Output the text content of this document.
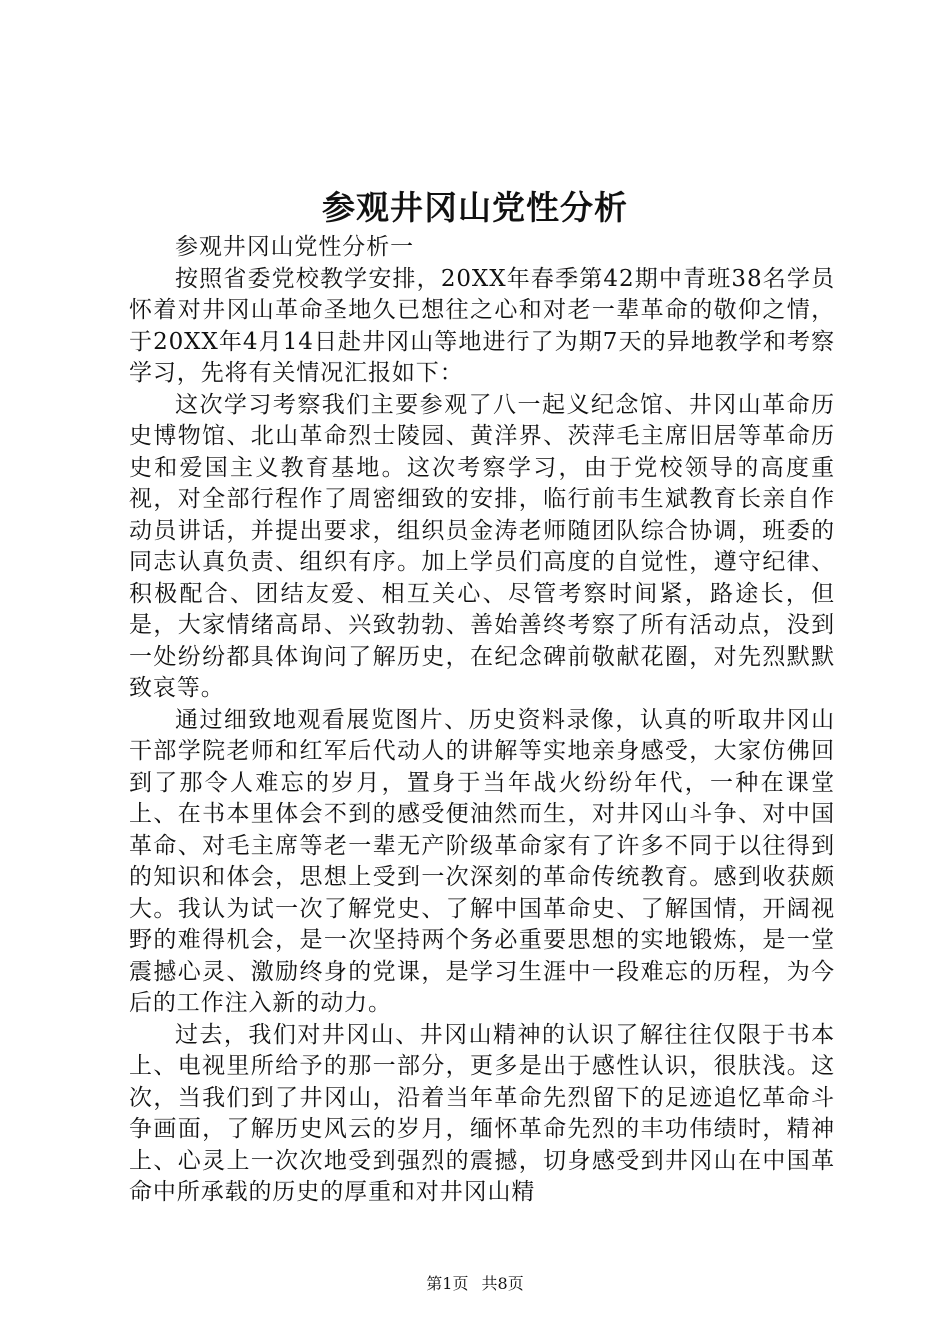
参观井冈山党性分析

参观井冈山党性分析一

按照省委党校教学安排，20XX年春季第42期中青班38名学员怀着对井冈山革命圣地久已想往之心和对老一辈革命的敬仰之情，于20XX年4月14日赴井冈山等地进行了为期7天的异地教学和考察学习，先将有关情况汇报如下：

这次学习考察我们主要参观了八一起义纪念馆、井冈山革命历史博物馆、北山革命烈士陵园、黄洋界、茨萍毛主席旧居等革命历史和爱国主义教育基地。这次考察学习，由于党校领导的高度重视，对全部行程作了周密细致的安排，临行前韦生斌教育长亲自作动员讲话，并提出要求，组织员金涛老师随团队综合协调，班委的同志认真负责、组织有序。加上学员们高度的自觉性，遵守纪律、积极配合、团结友爱、相互关心、尽管考察时间紧，路途长，但是，大家情绪高昂、兴致勃勃、善始善终考察了所有活动点，没到一处纷纷都具体询问了解历史，在纪念碑前敬献花圈，对先烈默默致哀等。

通过细致地观看展览图片、历史资料录像，认真的听取井冈山干部学院老师和红军后代动人的讲解等实地亲身感受，大家仿佛回到了那令人难忘的岁月，置身于当年战火纷纷年代，一种在课堂上、在书本里体会不到的感受便油然而生，对井冈山斗争、对中国革命、对毛主席等老一辈无产阶级革命家有了许多不同于以往得到的知识和体会，思想上受到一次深刻的革命传统教育。感到收获颇大。我认为试一次了解党史、了解中国革命史、了解国情，开阔视野的难得机会，是一次坚持两个务必重要思想的实地锻炼，是一堂震撼心灵、激励终身的党课，是学习生涯中一段难忘的历程，为今后的工作注入新的动力。

过去，我们对井冈山、井冈山精神的认识了解往往仅限于书本上、电视里所给予的那一部分，更多是出于感性认识，很肤浅。这次，当我们到了井冈山，沿着当年革命先烈留下的足迹追忆革命斗争画面，了解历史风云的岁月，缅怀革命先烈的丰功伟绩时，精神上、心灵上一次次地受到强烈的震撼，切身感受到井冈山在中国革命中所承载的历史的厚重和对井冈山精

第1页 共8页
